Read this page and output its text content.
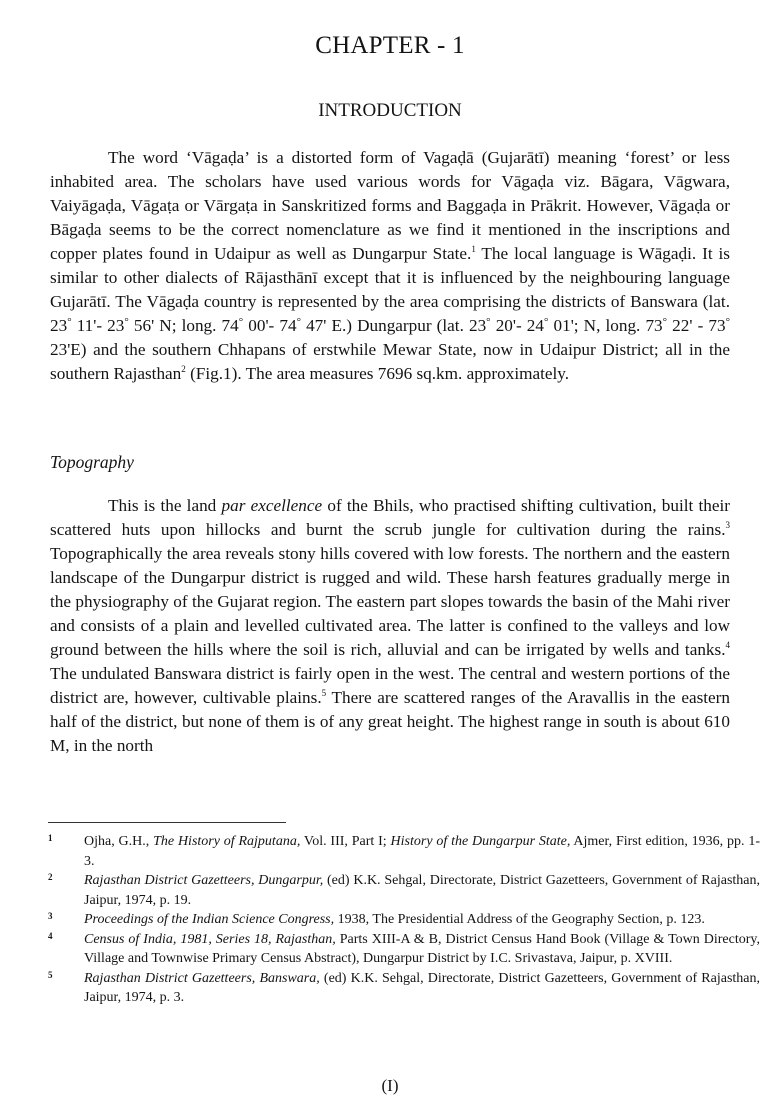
CHAPTER - 1
INTRODUCTION

The word ‘Vāgaḍa’ is a distorted form of Vagaḍā (Gujarātī) meaning ‘forest’ or less inhabited area. The scholars have used various words for Vāgaḍa viz. Bāgara, Vāgwara, Vaiyāgaḍa, Vāgaṭa or Vārgaṭa in Sanskritized forms and Baggaḍa in Prākrit. However, Vāgaḍa or Bāgaḍa seems to be the correct nomenclature as we find it mentioned in the inscriptions and copper plates found in Udaipur as well as Dungarpur State.$^1$ The local language is Wāgaḍi. It is similar to other dialects of Rājasthānī except that it is influenced by the neighbouring language Gujarātī. The Vāgaḍa country is represented by the area comprising the districts of Banswara (lat. 23° 11'- 23° 56' N; long. 74° 00'- 74° 47' E.) Dungarpur (lat. 23° 20'- 24° 01'; N, long. 73° 22' - 73° 23'E) and the southern Chhapans of erstwhile Mewar State, now in Udaipur District; all in the southern Rajasthan$^2$ (Fig.1). The area measures 7696 sq.km. approximately.

Topography

This is the land par excellence of the Bhils, who practised shifting cultivation, built their scattered huts upon hillocks and burnt the scrub jungle for cultivation during the rains.$^3$ Topographically the area reveals stony hills covered with low forests. The northern and the eastern landscape of the Dungarpur district is rugged and wild. These harsh features gradually merge in the physiography of the Gujarat region. The eastern part slopes towards the basin of the Mahi river and consists of a plain and levelled cultivated area. The latter is confined to the valleys and low ground between the hills where the soil is rich, alluvial and can be irrigated by wells and tanks.$^4$ The undulated Banswara district is fairly open in the west. The central and western portions of the district are, however, cultivable plains.$^5$ There are scattered ranges of the Aravallis in the eastern half of the district, but none of them is of any great height. The highest range in south is about 610 M, in the north

1 Ojha, G.H., The History of Rajputana, Vol. III, Part I; History of the Dungarpur State, Ajmer, First edition, 1936, pp. 1-3.
2 Rajasthan District Gazetteers, Dungarpur, (ed) K.K. Sehgal, Directorate, District Gazetteers, Government of Rajasthan, Jaipur, 1974, p. 19.
3 Proceedings of the Indian Science Congress, 1938, The Presidential Address of the Geography Section, p. 123.
4 Census of India, 1981, Series 18, Rajasthan, Parts XIII-A & B, District Census Hand Book (Village & Town Directory, Village and Townwise Primary Census Abstract), Dungarpur District by I.C. Srivastava, Jaipur, p. XVIII.
5 Rajasthan District Gazetteers, Banswara, (ed) K.K. Sehgal, Directorate, District Gazetteers, Government of Rajasthan, Jaipur, 1974, p. 3.
(I)
